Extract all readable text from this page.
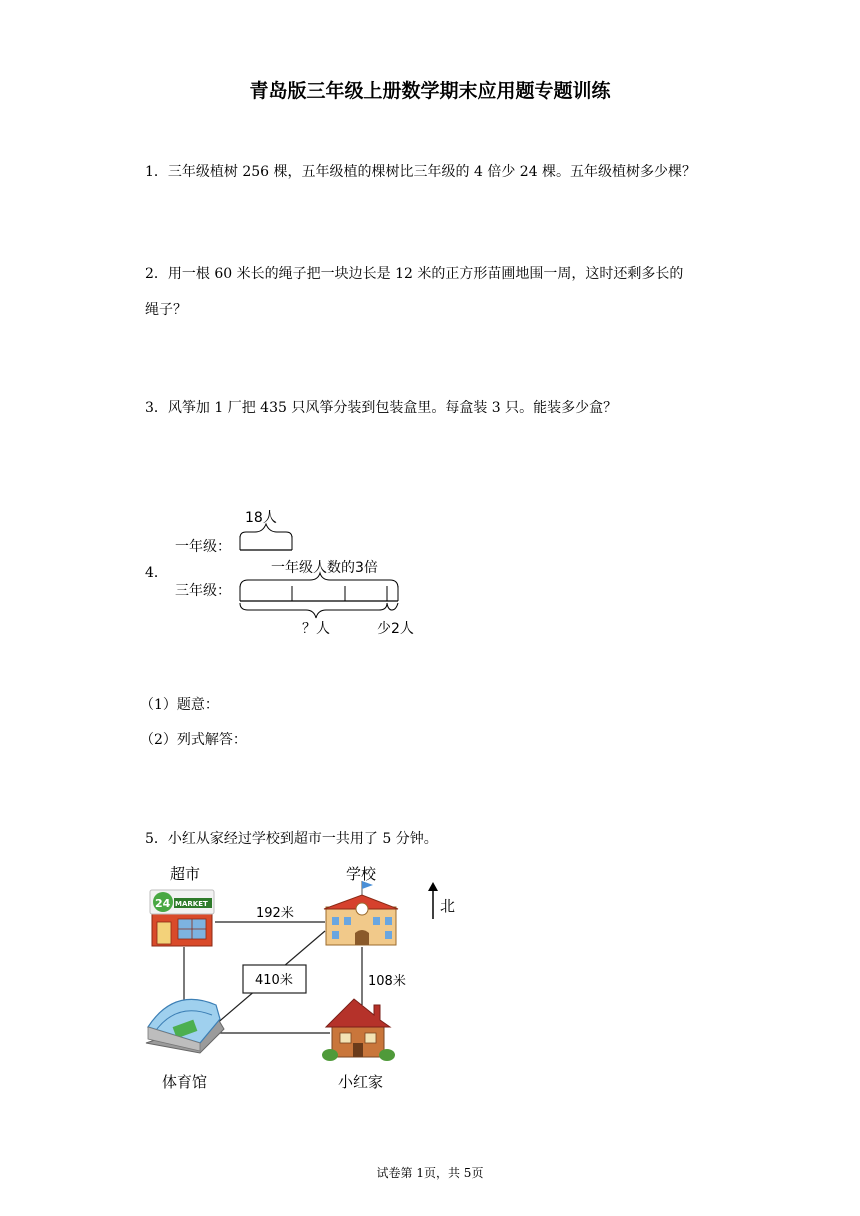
青岛版三年级上册数学期末应用题专题训练
1．三年级植树 256 棵，五年级植的棵树比三年级的 4 倍少 24 棵。五年级植树多少棵？
2．用一根 60 米长的绳子把一块边长是 12 米的正方形苗圃地围一周，这时还剩多长的
绳子？
3．风筝加 1 厂把 435 只风筝分装到包装盒里。每盒装 3 只。能装多少盒？
4．
一年级：
18人
三年级：
一年级人数的3倍
？人	少2人
（1）题意：
（2）列式解答：
5．小红从家经过学校到超市一共用了 5 分钟。
超市	学校
体育馆	小红家
192米
410米	108米
北
24 MARKET
试卷第 1页，共 5页
